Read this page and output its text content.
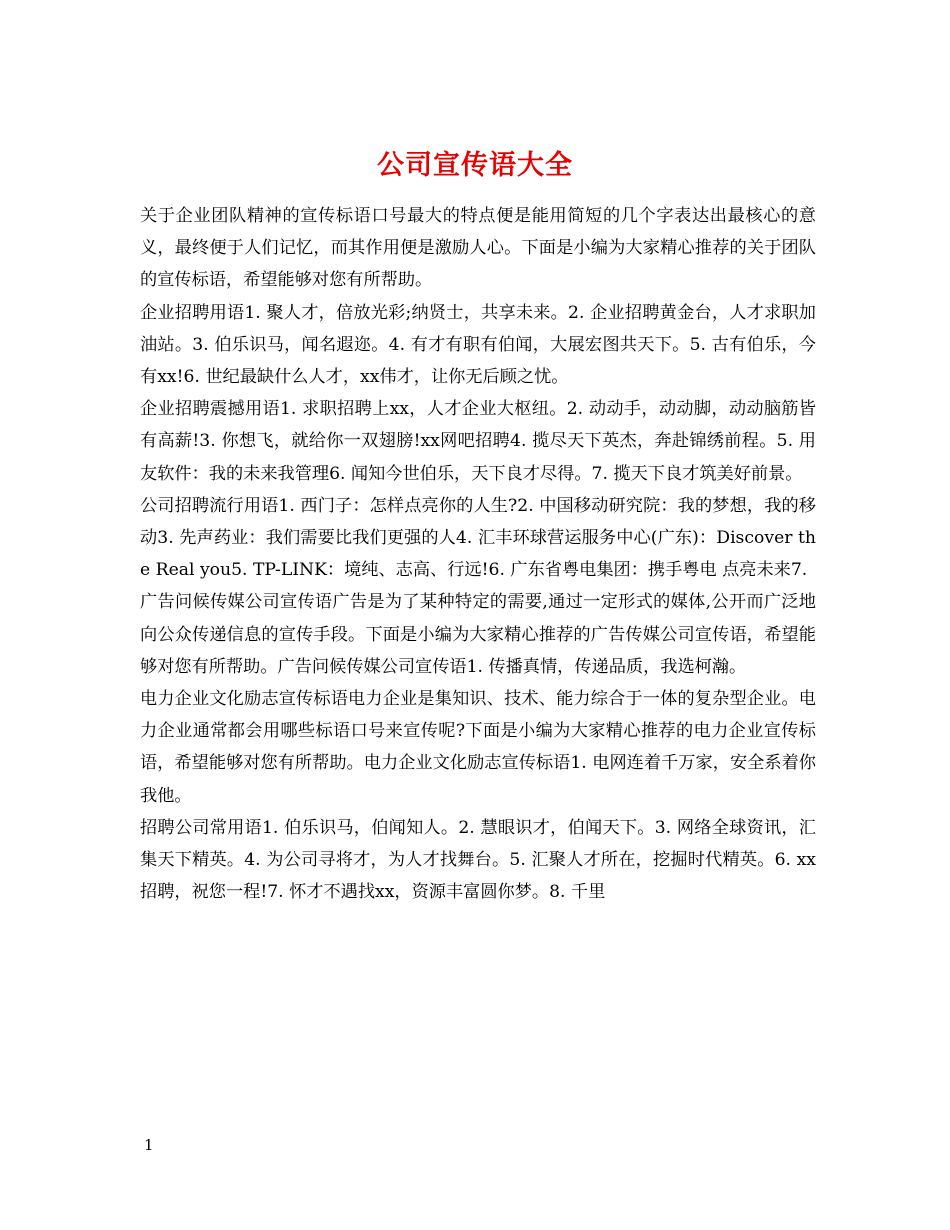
公司宣传语大全

关于企业团队精神的宣传标语口号最大的特点便是能用简短的几个字表达出最核心的意义，最终便于人们记忆，而其作用便是激励人心。下面是小编为大家精心推荐的关于团队的宣传标语，希望能够对您有所帮助。

企业招聘用语1. 聚人才，倍放光彩;纳贤士，共享未来。2. 企业招聘黄金台，人才求职加油站。3. 伯乐识马，闻名遐迩。4. 有才有职有伯闻，大展宏图共天下。5. 古有伯乐，今有xx!6. 世纪最缺什么人才，xx伟才，让你无后顾之忧。

企业招聘震撼用语1. 求职招聘上xx，人才企业大枢纽。2. 动动手，动动脚，动动脑筋皆有高薪!3. 你想飞，就给你一双翅膀!xx网吧招聘4. 揽尽天下英杰，奔赴锦绣前程。5. 用友软件：我的未来我管理6. 闻知今世伯乐，天下良才尽得。7. 揽天下良才筑美好前景。

公司招聘流行用语1. 西门子：怎样点亮你的人生?2. 中国移动研究院：我的梦想，我的移动3. 先声药业：我们需要比我们更强的人4. 汇丰环球营运服务中心(广东)：Discover the Real you5. TP-LINK：境纯、志高、行远!6. 广东省粤电集团：携手粤电 点亮未来7.

广告问候传媒公司宣传语广告是为了某种特定的需要,通过一定形式的媒体,公开而广泛地向公众传递信息的宣传手段。下面是小编为大家精心推荐的广告传媒公司宣传语，希望能够对您有所帮助。广告问候传媒公司宣传语1. 传播真情，传递品质，我选柯瀚。

电力企业文化励志宣传标语电力企业是集知识、技术、能力综合于一体的复杂型企业。电力企业通常都会用哪些标语口号来宣传呢?下面是小编为大家精心推荐的电力企业宣传标语，希望能够对您有所帮助。电力企业文化励志宣传标语1. 电网连着千万家，安全系着你我他。

招聘公司常用语1. 伯乐识马，伯闻知人。2. 慧眼识才，伯闻天下。3. 网络全球资讯，汇集天下精英。4. 为公司寻将才，为人才找舞台。5. 汇聚人才所在，挖掘时代精英。6. xx招聘，祝您一程!7. 怀才不遇找xx，资源丰富圆你梦。8. 千里

1
